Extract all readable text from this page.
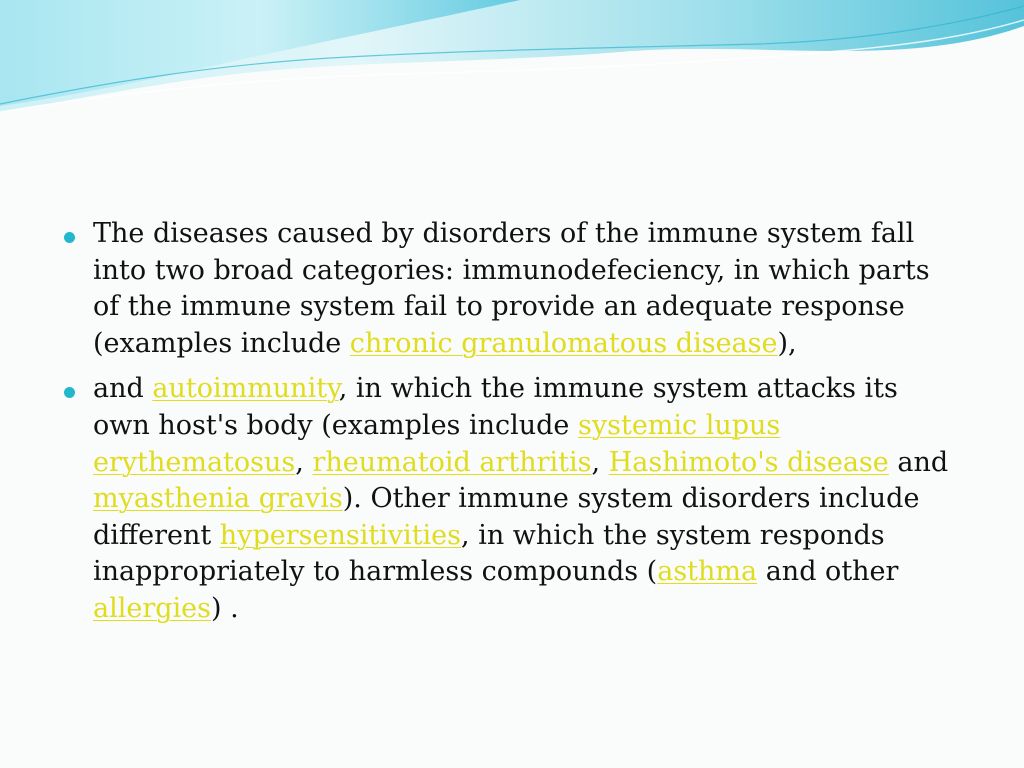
The diseases caused by disorders of the immune system fall into two broad categories: immunodefeciency, in which parts of the immune system fail to provide an adequate response (examples include chronic granulomatous disease),
and autoimmunity, in which the immune system attacks its own host's body (examples include systemic lupus erythematosus, rheumatoid arthritis, Hashimoto's disease and myasthenia gravis). Other immune system disorders include different hypersensitivities, in which the system responds inappropriately to harmless compounds (asthma and other allergies) .
